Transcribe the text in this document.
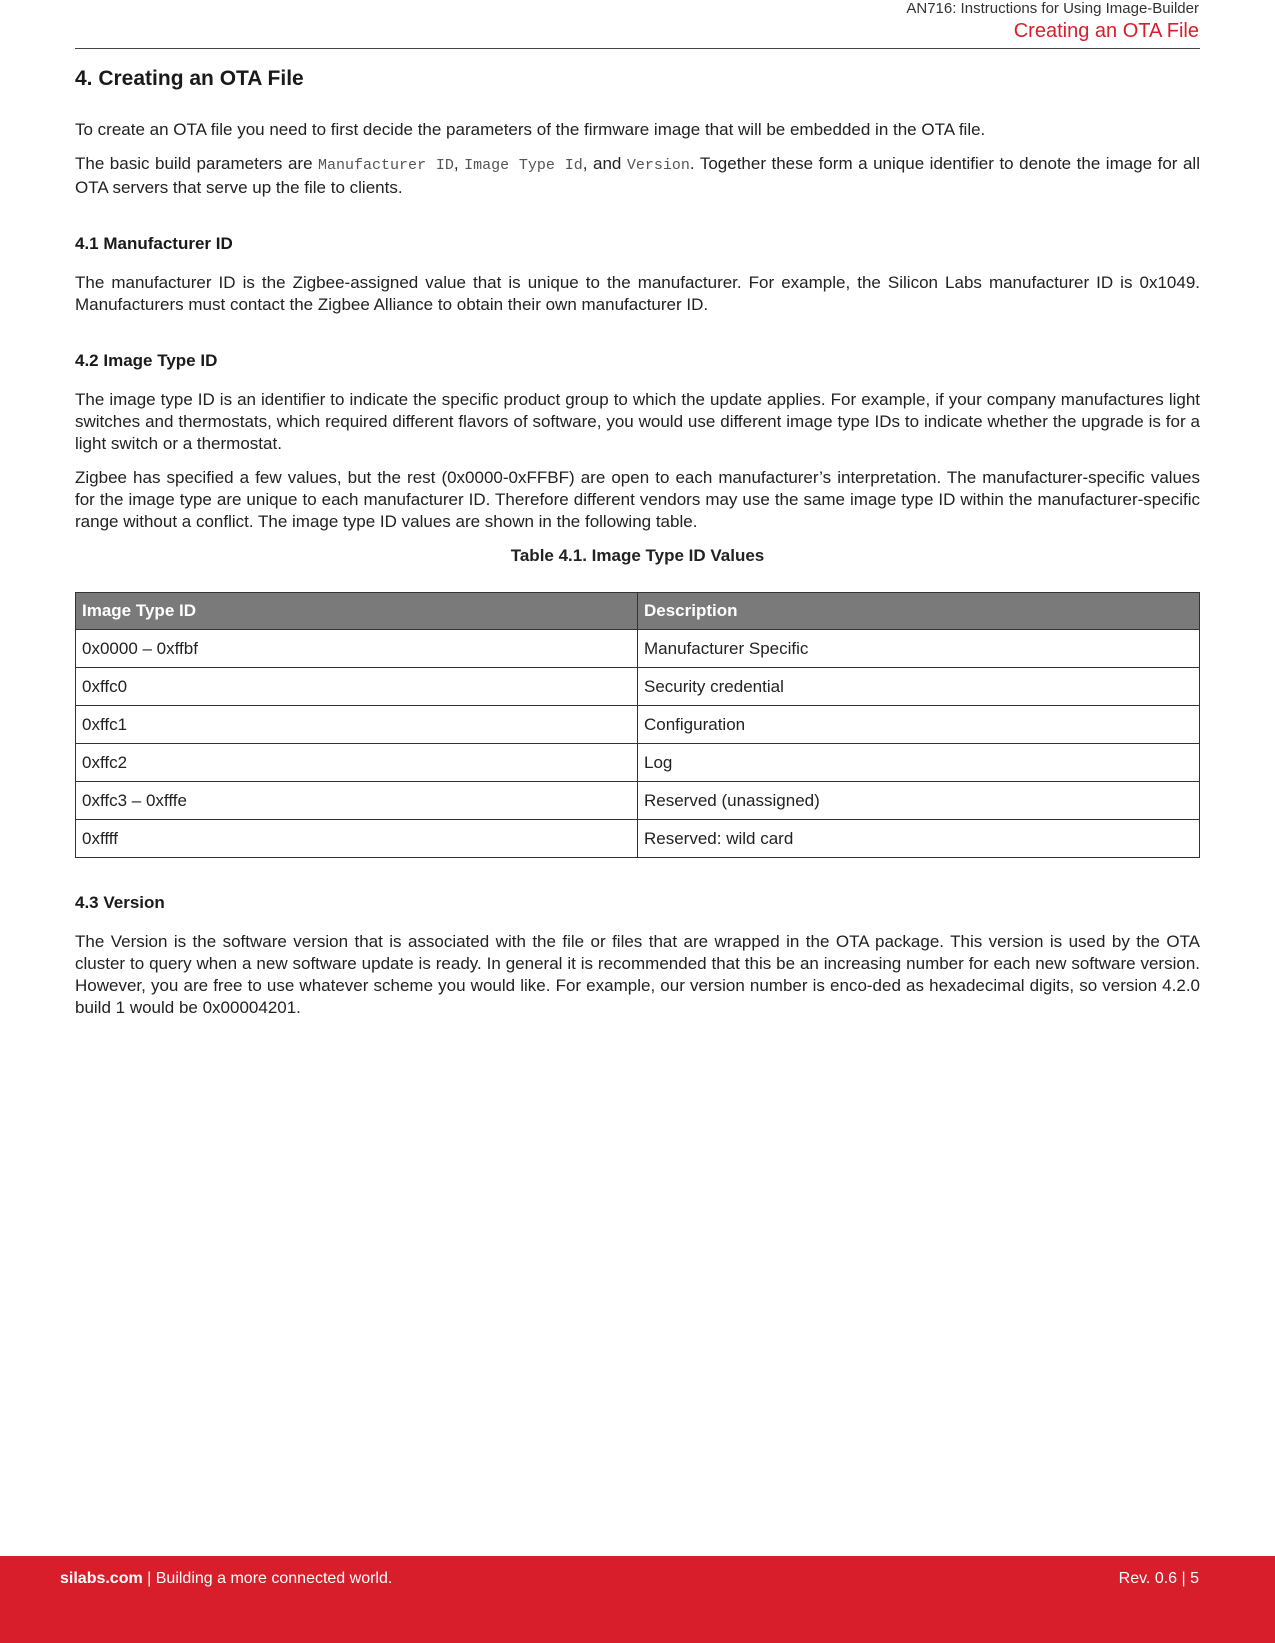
AN716: Instructions for Using Image-Builder
Creating an OTA File
4. Creating an OTA File

To create an OTA file you need to first decide the parameters of the firmware image that will be embedded in the OTA file.

The basic build parameters are Manufacturer ID, Image Type Id, and Version. Together these form a unique identifier to denote the image for all OTA servers that serve up the file to clients.

4.1 Manufacturer ID

The manufacturer ID is the Zigbee-assigned value that is unique to the manufacturer. For example, the Silicon Labs manufacturer ID is 0x1049. Manufacturers must contact the Zigbee Alliance to obtain their own manufacturer ID.

4.2 Image Type ID

The image type ID is an identifier to indicate the specific product group to which the update applies. For example, if your company manufactures light switches and thermostats, which required different flavors of software, you would use different image type IDs to indicate whether the upgrade is for a light switch or a thermostat.

Zigbee has specified a few values, but the rest (0x0000-0xFFBF) are open to each manufacturer’s interpretation. The manufacturer-specific values for the image type are unique to each manufacturer ID. Therefore different vendors may use the same image type ID within the manufacturer-specific range without a conflict. The image type ID values are shown in the following table.

Table 4.1. Image Type ID Values
Image Type ID	Description
0x0000 – 0xffbf	Manufacturer Specific
0xffc0	Security credential
0xffc1	Configuration
0xffc2	Log
0xffc3 – 0xfffe	Reserved (unassigned)
0xffff	Reserved: wild card
4.3 Version

The Version is the software version that is associated with the file or files that are wrapped in the OTA package. This version is used by the OTA cluster to query when a new software update is ready. In general it is recommended that this be an increasing number for each new software version. However, you are free to use whatever scheme you would like. For example, our version number is enco-ded as hexadecimal digits, so version 4.2.0 build 1 would be 0x00004201.

silabs.com | Building a more connected world.	Rev. 0.6 | 5
